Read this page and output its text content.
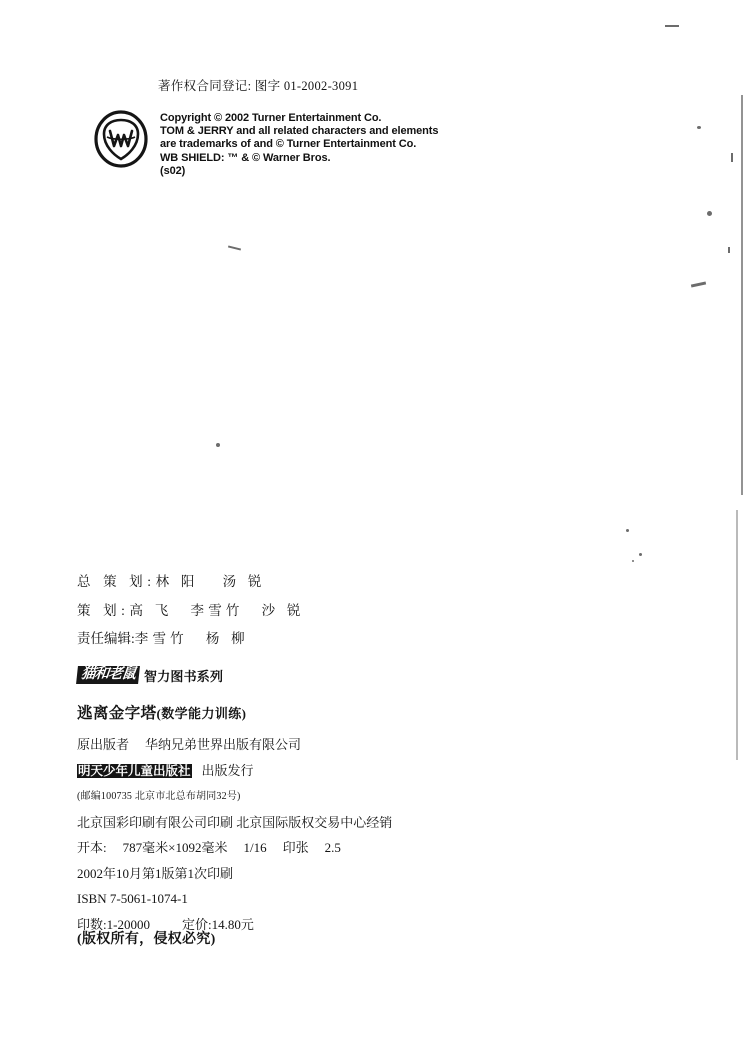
著作权合同登记: 图字 01-2002-3091
Copyright © 2002 Turner Entertainment Co.
TOM & JERRY and all related characters and elements
are trademarks of and © Turner Entertainment Co.
WB SHIELD: ™ & © Warner Bros.
(s02)
总 策 划:林 阳 汤 锐
策 划:高 飞 李雪竹 沙 锐
责任编辑:李雪竹 杨 柳
猫和老鼠 智力图书系列
逃离金字塔(数学能力训练)
原出版者 华纳兄弟世界出版有限公司
明天少年儿童出版社 出版发行
(邮编100735 北京市北总布胡同32号)
北京国彩印刷有限公司印刷 北京国际版权交易中心经销
开本: 787毫米×1092毫米 1/16 印张 2.5
2002年10月第1版第1次印刷
ISBN 7-5061-1074-1
印数:1-20000 定价:14.80元
(版权所有，侵权必究)
